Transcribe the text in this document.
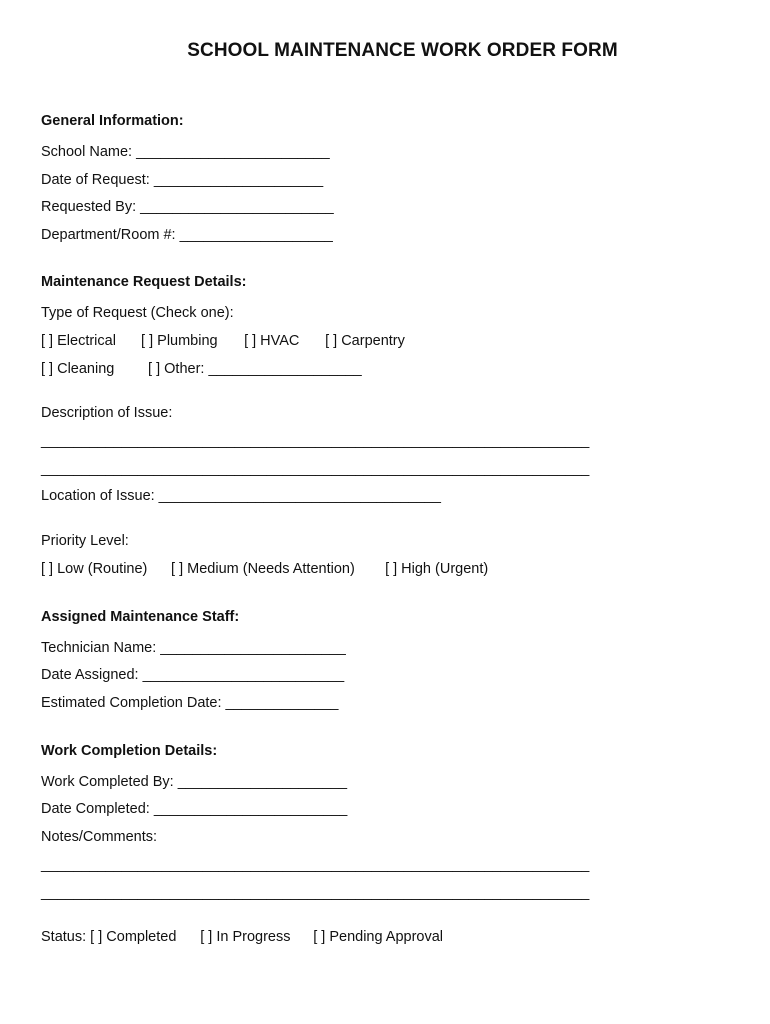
SCHOOL MAINTENANCE WORK ORDER FORM
General Information:
School Name: ________________________
Date of Request: _____________________
Requested By: ________________________
Department/Room #: ___________________
Maintenance Request Details:
Type of Request (Check one):
[ ] Electrical [ ] Plumbing [ ] HVAC [ ] Carpentry
[ ] Cleaning [ ] Other: ___________________
Description of Issue:
____________________________________________________________________
____________________________________________________________________
Location of Issue: ___________________________________
Priority Level:
[ ] Low (Routine) [ ] Medium (Needs Attention) [ ] High (Urgent)
Assigned Maintenance Staff:
Technician Name: _______________________
Date Assigned: _________________________
Estimated Completion Date: ______________
Work Completion Details:
Work Completed By: _____________________
Date Completed: ________________________
Notes/Comments:
____________________________________________________________________
____________________________________________________________________
Status: [ ] Completed [ ] In Progress [ ] Pending Approval
